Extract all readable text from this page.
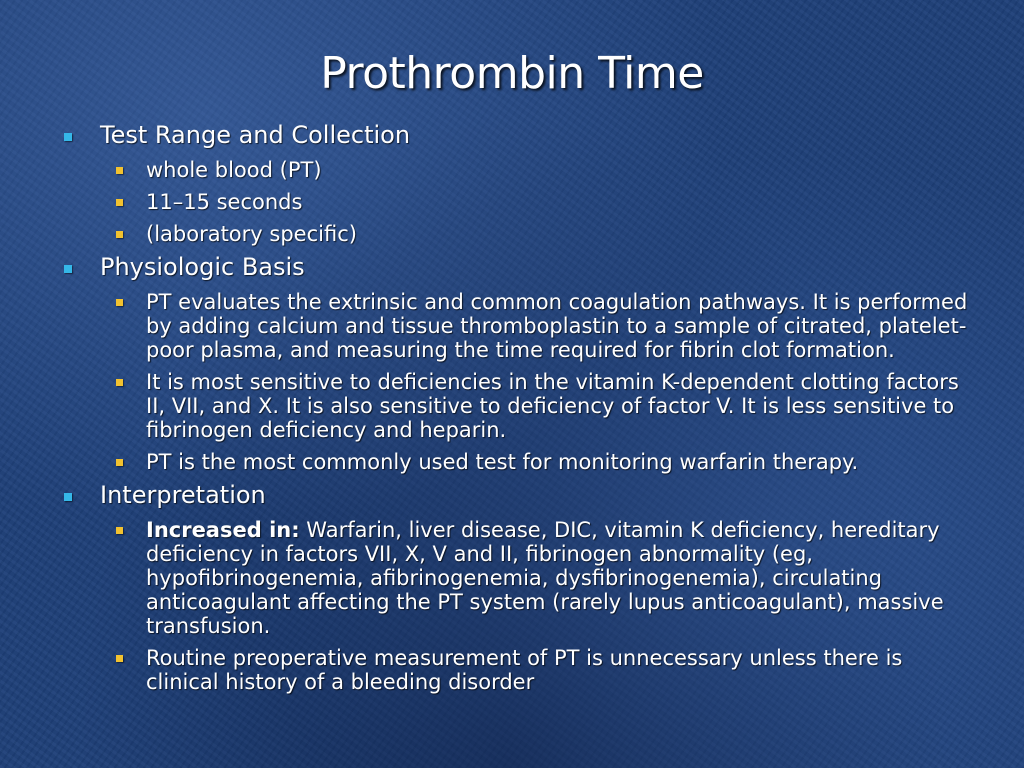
Prothrombin Time
Test Range and Collection
whole blood (PT)
11–15 seconds
(laboratory specific)
Physiologic Basis
PT evaluates the extrinsic and common coagulation pathways. It is performed by adding calcium and tissue thromboplastin to a sample of citrated, platelet-poor plasma, and measuring the time required for fibrin clot formation.
It is most sensitive to deficiencies in the vitamin K-dependent clotting factors II, VII, and X. It is also sensitive to deficiency of factor V. It is less sensitive to fibrinogen deficiency and heparin.
PT is the most commonly used test for monitoring warfarin therapy.
Interpretation
Increased in: Warfarin, liver disease, DIC, vitamin K deficiency, hereditary deficiency in factors VII, X, V and II, fibrinogen abnormality (eg, hypofibrinogenemia, afibrinogenemia, dysfibrinogenemia), circulating anticoagulant affecting the PT system (rarely lupus anticoagulant), massive transfusion.
Routine preoperative measurement of PT is unnecessary unless there is clinical history of a bleeding disorder
